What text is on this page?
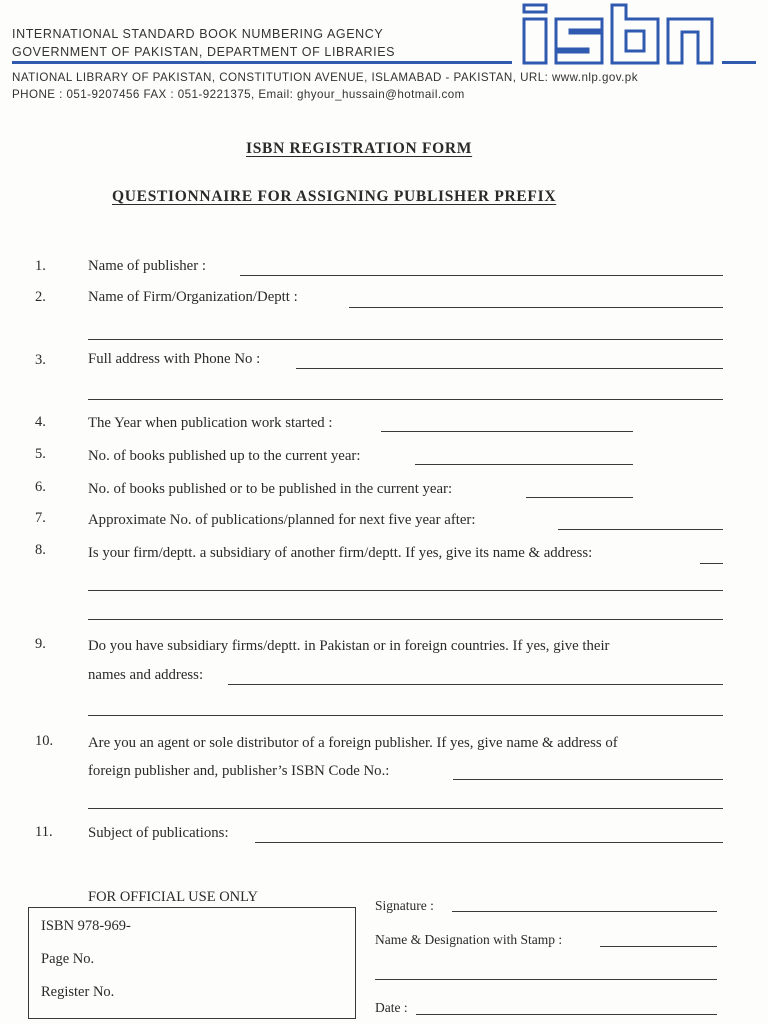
INTERNATIONAL STANDARD BOOK NUMBERING AGENCY
GOVERNMENT OF PAKISTAN, DEPARTMENT OF LIBRARIES
NATIONAL LIBRARY OF PAKISTAN, CONSTITUTION AVENUE, ISLAMABAD - PAKISTAN, URL: www.nlp.gov.pk
PHONE : 051-9207456 FAX : 051-9221375, Email: ghyour_hussain@hotmail.com
ISBN REGISTRATION FORM
QUESTIONNAIRE FOR ASSIGNING PUBLISHER PREFIX
1.	Name of publisher :
2.	Name of Firm/Organization/Deptt :
3.	Full address with Phone No :
4.	The Year when publication work started :
5.	No. of books published up to the current year:
6.	No. of books published or to be published in the current year:
7.	Approximate No. of publications/planned for next five year after:
8.	Is your firm/deptt. a subsidiary of another firm/deptt. If yes, give its name & address:
9.	Do you have subsidiary firms/deptt. in Pakistan or in foreign countries. If yes, give their
names and address:
10. Are you an agent or sole distributor of a foreign publisher. If yes, give name & address of
foreign publisher and, publisher’s ISBN Code No.:
11. Subject of publications:
FOR OFFICIAL USE ONLY
ISBN 978-969-
Page No.
Register No.
Signature :
Name & Designation with Stamp :
Date :
